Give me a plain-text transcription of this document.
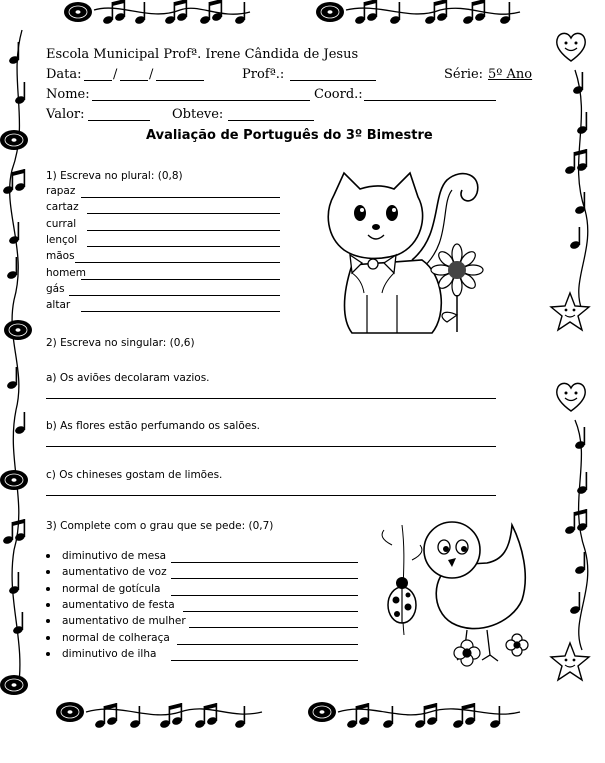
Escola Municipal Profª. Irene Cândida de Jesus
Data: / /	Profª.:	Série: 5º Ano
Nome:	Coord.:
Valor:	Obteve:
Avaliação de Português do 3º Bimestre
1) Escreva no plural: (0,8)
rapaz
cartaz
curral
lençol
mãos
homem
gás
altar
2) Escreva no singular: (0,6)
a) Os aviões decolaram vazios.
b) As flores estão perfumando os salões.
c) Os chineses gostam de limões.
3) Complete com o grau que se pede: (0,7)
diminutivo de mesa
aumentativo de voz
normal de gotícula
aumentativo de festa
aumentativo de mulher
normal de colheraça
diminutivo de ilha
